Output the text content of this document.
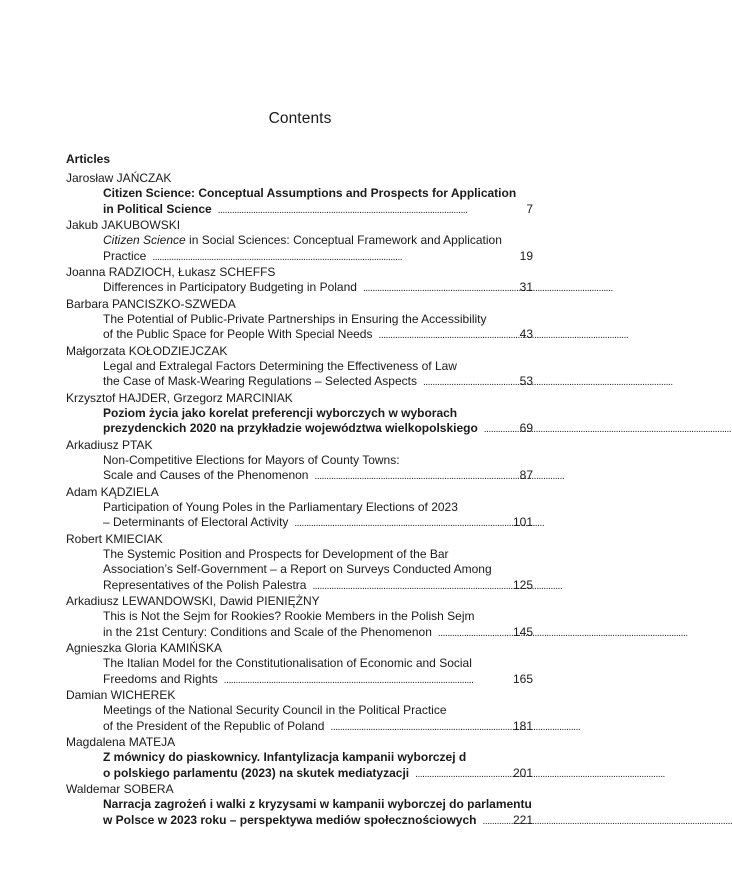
Contents
Articles
Jarosław JAŃCZAK
Citizen Science: Conceptual Assumptions and Prospects for Application
in Political Science	7
. . .
Jakub JAKUBOWSKI
Citizen Science in Social Sciences: Conceptual Framework and Application
Practice	19
. . .
Joanna RADZIOCH, Łukasz SCHEFFS
Differences in Participatory Budgeting in Poland	31
. . .
Barbara PANCISZKO-SZWEDA
The Potential of Public-Private Partnerships in Ensuring the Accessibility
of the Public Space for People With Special Needs	43
. . .
Małgorzata KOŁODZIEJCZAK
Legal and Extralegal Factors Determining the Effectiveness of Law
the Case of Mask-Wearing Regulations – Selected Aspects	53
. . .
Krzysztof HAJDER, Grzegorz MARCINIAK
Poziom życia jako korelat preferencji wyborczych w wyborach
prezydenckich 2020 na przykładzie województwa wielkopolskiego	69
. . .
Arkadiusz PTAK
Non-Competitive Elections for Mayors of County Towns:
Scale and Causes of the Phenomenon	87
. . .
Adam KĄDZIELA
Participation of Young Poles in the Parliamentary Elections of 2023
– Determinants of Electoral Activity	101
. . .
Robert KMIECIAK
The Systemic Position and Prospects for Development of the Bar
Association’s Self-Government – a Report on Surveys Conducted Among
Representatives of the Polish Palestra	125
. . .
Arkadiusz LEWANDOWSKI, Dawid PIENIĘŻNY
This is Not the Sejm for Rookies? Rookie Members in the Polish Sejm
in the 21st Century: Conditions and Scale of the Phenomenon	145
. . .
Agnieszka Gloria KAMIŃSKA
The Italian Model for the Constitutionalisation of Economic and Social
Freedoms and Rights	165
. . .
Damian WICHEREK
Meetings of the National Security Council in the Political Practice
of the President of the Republic of Poland	181
. . .
Magdalena MATEJA
Z mównicy do piaskownicy. Infantylizacja kampanii wyborczej d
o polskiego parlamentu (2023) na skutek mediatyzacji	201
. . .
Waldemar SOBERA
Narracja zagrożeń i walki z kryzysami w kampanii wyborczej do parlamentu
w Polsce w 2023 roku – perspektywa mediów społecznościowych	221
. . .
